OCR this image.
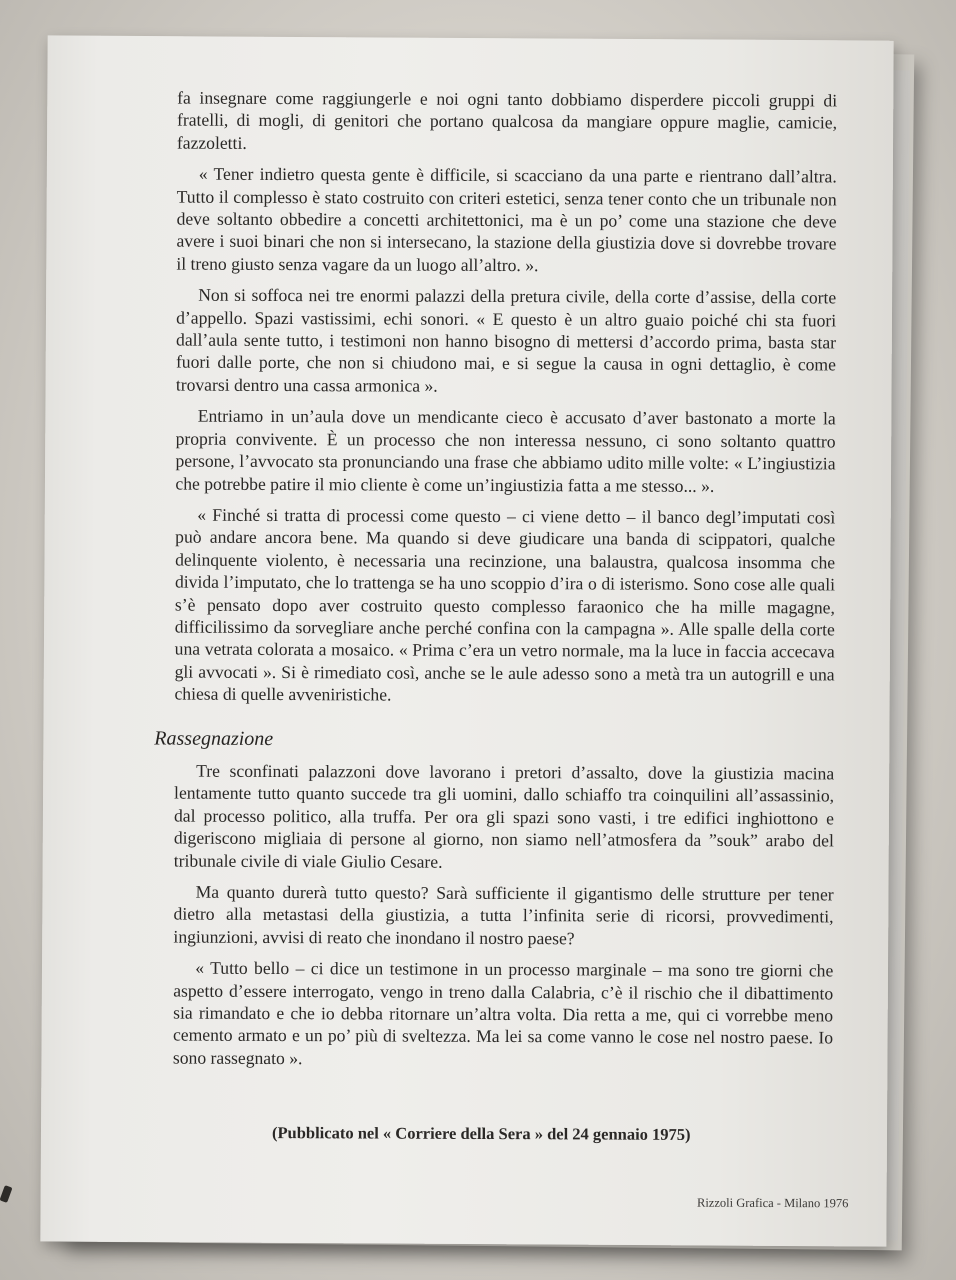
fa insegnare come raggiungerle e noi ogni tanto dobbiamo disperdere piccoli gruppi di fratelli, di mogli, di genitori che portano qualcosa da mangiare oppure maglie, camicie, fazzoletti.

« Tener indietro questa gente è difficile, si scacciano da una parte e rientrano dall’altra. Tutto il complesso è stato costruito con criteri estetici, senza tener conto che un tribunale non deve soltanto obbedire a concetti architettonici, ma è un po’ come una stazione che deve avere i suoi binari che non si intersecano, la stazione della giustizia dove si dovrebbe trovare il treno giusto senza vagare da un luogo all’altro. ».

Non si soffoca nei tre enormi palazzi della pretura civile, della corte d’assise, della corte d’appello. Spazi vastissimi, echi sonori. « E questo è un altro guaio poiché chi sta fuori dall’aula sente tutto, i testimoni non hanno bisogno di mettersi d’accordo prima, basta star fuori dalle porte, che non si chiudono mai, e si segue la causa in ogni dettaglio, è come trovarsi dentro una cassa armonica ».

Entriamo in un’aula dove un mendicante cieco è accusato d’aver bastonato a morte la propria convivente. È un processo che non interessa nessuno, ci sono soltanto quattro persone, l’avvocato sta pronunciando una frase che abbiamo udito mille volte: « L’ingiustizia che potrebbe patire il mio cliente è come un’ingiustizia fatta a me stesso... ».

« Finché si tratta di processi come questo – ci viene detto – il banco degl’imputati così può andare ancora bene. Ma quando si deve giudicare una banda di scippatori, qualche delinquente violento, è necessaria una recinzione, una balaustra, qualcosa insomma che divida l’imputato, che lo trattenga se ha uno scoppio d’ira o di isterismo. Sono cose alle quali s’è pensato dopo aver costruito questo complesso faraonico che ha mille magagne, difficilissimo da sorvegliare anche perché confina con la campagna ». Alle spalle della corte una vetrata colorata a mosaico. « Prima c’era un vetro normale, ma la luce in faccia accecava gli avvocati ». Si è rimediato così, anche se le aule adesso sono a metà tra un autogrill e una chiesa di quelle avveniristiche.

Rassegnazione

Tre sconfinati palazzoni dove lavorano i pretori d’assalto, dove la giustizia macina lentamente tutto quanto succede tra gli uomini, dallo schiaffo tra coinquilini all’assassinio, dal processo politico, alla truffa. Per ora gli spazi sono vasti, i tre edifici inghiottono e digeriscono migliaia di persone al giorno, non siamo nell’atmosfera da ”souk” arabo del tribunale civile di viale Giulio Cesare.

Ma quanto durerà tutto questo? Sarà sufficiente il gigantismo delle strutture per tener dietro alla metastasi della giustizia, a tutta l’infinita serie di ricorsi, provvedimenti, ingiunzioni, avvisi di reato che inondano il nostro paese?

« Tutto bello – ci dice un testimone in un processo marginale – ma sono tre giorni che aspetto d’essere interrogato, vengo in treno dalla Calabria, c’è il rischio che il dibattimento sia rimandato e che io debba ritornare un’altra volta. Dia retta a me, qui ci vorrebbe meno cemento armato e un po’ più di sveltezza. Ma lei sa come vanno le cose nel nostro paese. Io sono rassegnato ».

(Pubblicato nel « Corriere della Sera » del 24 gennaio 1975)
Rizzoli Grafica - Milano 1976
